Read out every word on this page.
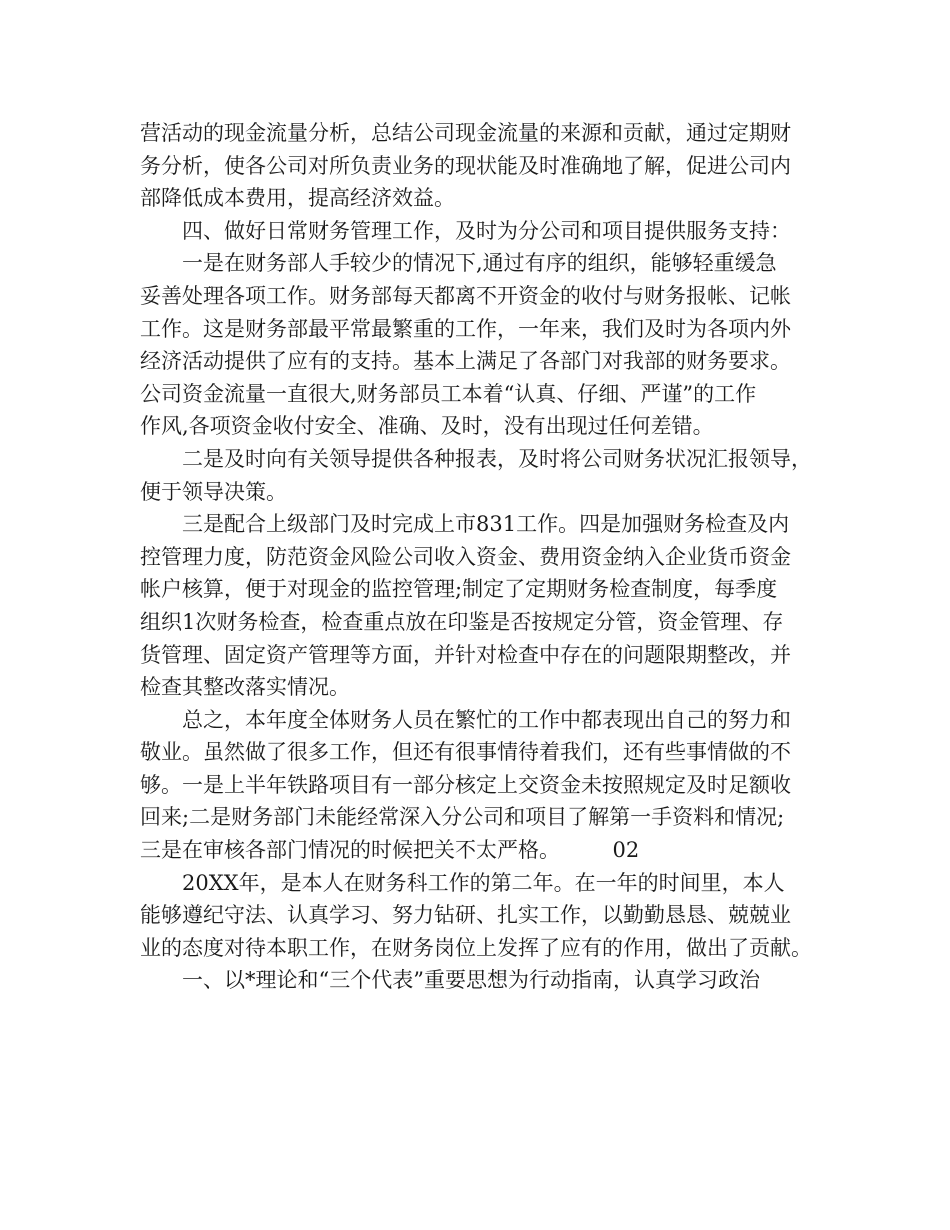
营活动的现金流量分析，总结公司现金流量的来源和贡献，通过定期财
务分析，使各公司对所负责业务的现状能及时准确地了解，促进公司内
部降低成本费用，提高经济效益。
四、做好日常财务管理工作，及时为分公司和项目提供服务支持：
一是在财务部人手较少的情况下,通过有序的组织，能够轻重缓急
妥善处理各项工作。财务部每天都离不开资金的收付与财务报帐、记帐
工作。这是财务部最平常最繁重的工作，一年来，我们及时为各项内外
经济活动提供了应有的支持。基本上满足了各部门对我部的财务要求。
公司资金流量一直很大,财务部员工本着“认真、仔细、严谨”的工作
作风,各项资金收付安全、准确、及时，没有出现过任何差错。
二是及时向有关领导提供各种报表，及时将公司财务状况汇报领导，
便于领导决策。
三是配合上级部门及时完成上市831工作。四是加强财务检查及内
控管理力度，防范资金风险公司收入资金、费用资金纳入企业货币资金
帐户核算，便于对现金的监控管理;制定了定期财务检查制度，每季度
组织1次财务检查，检查重点放在印鉴是否按规定分管，资金管理、存
货管理、固定资产管理等方面，并针对检查中存在的问题限期整改，并
检查其整改落实情况。
总之，本年度全体财务人员在繁忙的工作中都表现出自己的努力和
敬业。虽然做了很多工作，但还有很事情待着我们，还有些事情做的不
够。一是上半年铁路项目有一部分核定上交资金未按照规定及时足额收
回来;二是财务部门未能经常深入分公司和项目了解第一手资料和情况;
三是在审核各部门情况的时候把关不太严格。　　　02
20XX年，是本人在财务科工作的第二年。在一年的时间里，本人
能够遵纪守法、认真学习、努力钻研、扎实工作，以勤勤恳恳、兢兢业
业的态度对待本职工作，在财务岗位上发挥了应有的作用，做出了贡献。
一、以*理论和“三个代表”重要思想为行动指南，认真学习政治
